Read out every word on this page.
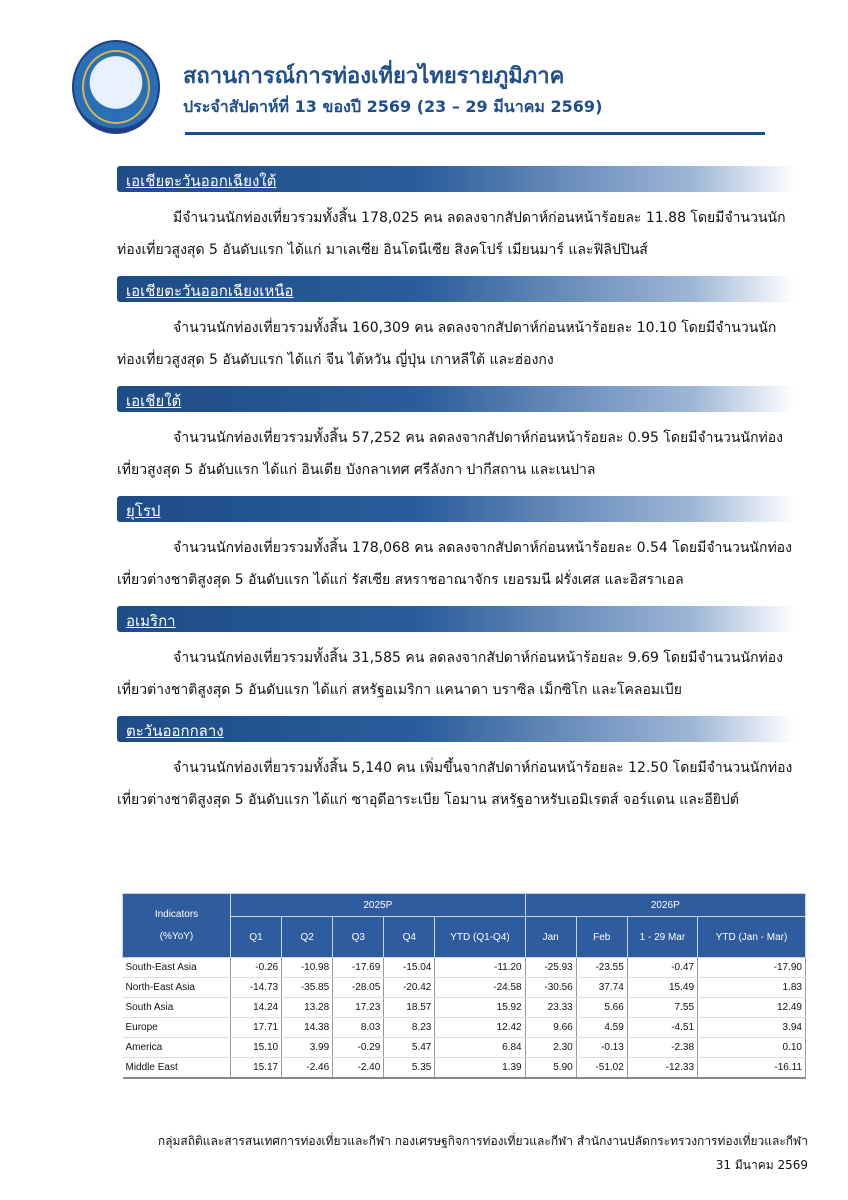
สถานการณ์การท่องเที่ยวไทยรายภูมิภาค
ประจำสัปดาห์ที่ 13 ของปี 2569 (23 – 29 มีนาคม 2569)
เอเชียตะวันออกเฉียงใต้
มีจำนวนนักท่องเที่ยวรวมทั้งสิ้น 178,025 คน ลดลงจากสัปดาห์ก่อนหน้าร้อยละ 11.88 โดยมีจำนวนนักท่องเที่ยวสูงสุด 5 อันดับแรก ได้แก่ มาเลเซีย อินโดนีเซีย สิงคโปร์ เมียนมาร์ และฟิลิปปินส์
เอเชียตะวันออกเฉียงเหนือ
จำนวนนักท่องเที่ยวรวมทั้งสิ้น 160,309 คน ลดลงจากสัปดาห์ก่อนหน้าร้อยละ 10.10 โดยมีจำนวนนักท่องเที่ยวสูงสุด 5 อันดับแรก ได้แก่ จีน ไต้หวัน ญี่ปุ่น เกาหลีใต้ และฮ่องกง
เอเชียใต้
จำนวนนักท่องเที่ยวรวมทั้งสิ้น 57,252 คน ลดลงจากสัปดาห์ก่อนหน้าร้อยละ 0.95 โดยมีจำนวนนักท่องเที่ยวสูงสุด 5 อันดับแรก ได้แก่ อินเดีย บังกลาเทศ ศรีลังกา ปากีสถาน และเนปาล
ยุโรป
จำนวนนักท่องเที่ยวรวมทั้งสิ้น 178,068 คน ลดลงจากสัปดาห์ก่อนหน้าร้อยละ 0.54 โดยมีจำนวนนักท่องเที่ยวต่างชาติสูงสุด 5 อันดับแรก ได้แก่ รัสเซีย สหราชอาณาจักร เยอรมนี ฝรั่งเศส และอิสราเอล
อเมริกา
จำนวนนักท่องเที่ยวรวมทั้งสิ้น 31,585 คน ลดลงจากสัปดาห์ก่อนหน้าร้อยละ 9.69 โดยมีจำนวนนักท่องเที่ยวต่างชาติสูงสุด 5 อันดับแรก ได้แก่ สหรัฐอเมริกา แคนาดา บราซิล เม็กซิโก และโคลอมเบีย
ตะวันออกกลาง
จำนวนนักท่องเที่ยวรวมทั้งสิ้น 5,140 คน เพิ่มขึ้นจากสัปดาห์ก่อนหน้าร้อยละ 12.50 โดยมีจำนวนนักท่องเที่ยวต่างชาติสูงสุด 5 อันดับแรก ได้แก่ ซาอุดีอาระเบีย โอมาน สหรัฐอาหรับเอมิเรตส์ จอร์แดน และอียิปต์
Indicators

(%YoY)	2025P					2026P			
	Q1	Q2	Q3	Q4	YTD (Q1-Q4)	Jan	Feb	1 - 29 Mar	YTD (Jan - Mar)
South-East Asia	-0.26	-10.98	-17.69	-15.04	-11.20	-25.93	-23.55	-0.47	-17.90
North-East Asia	-14.73	-35.85	-28.05	-20.42	-24.58	-30.56	37.74	15.49	1.83
South Asia	14.24	13.28	17.23	18.57	15.92	23.33	5.66	7.55	12.49
Europe	17.71	14.38	8.03	8.23	12.42	9.66	4.59	-4.51	3.94
America	15.10	3.99	-0.29	5.47	6.84	2.30	-0.13	-2.38	0.10
Middle East	15.17	-2.46	-2.40	5.35	1.39	5.90	-51.02	-12.33	-16.11
กลุ่มสถิติและสารสนเทศการท่องเที่ยวและกีฬา กองเศรษฐกิจการท่องเที่ยวและกีฬา สำนักงานปลัดกระทรวงการท่องเที่ยวและกีฬา
31 มีนาคม 2569
